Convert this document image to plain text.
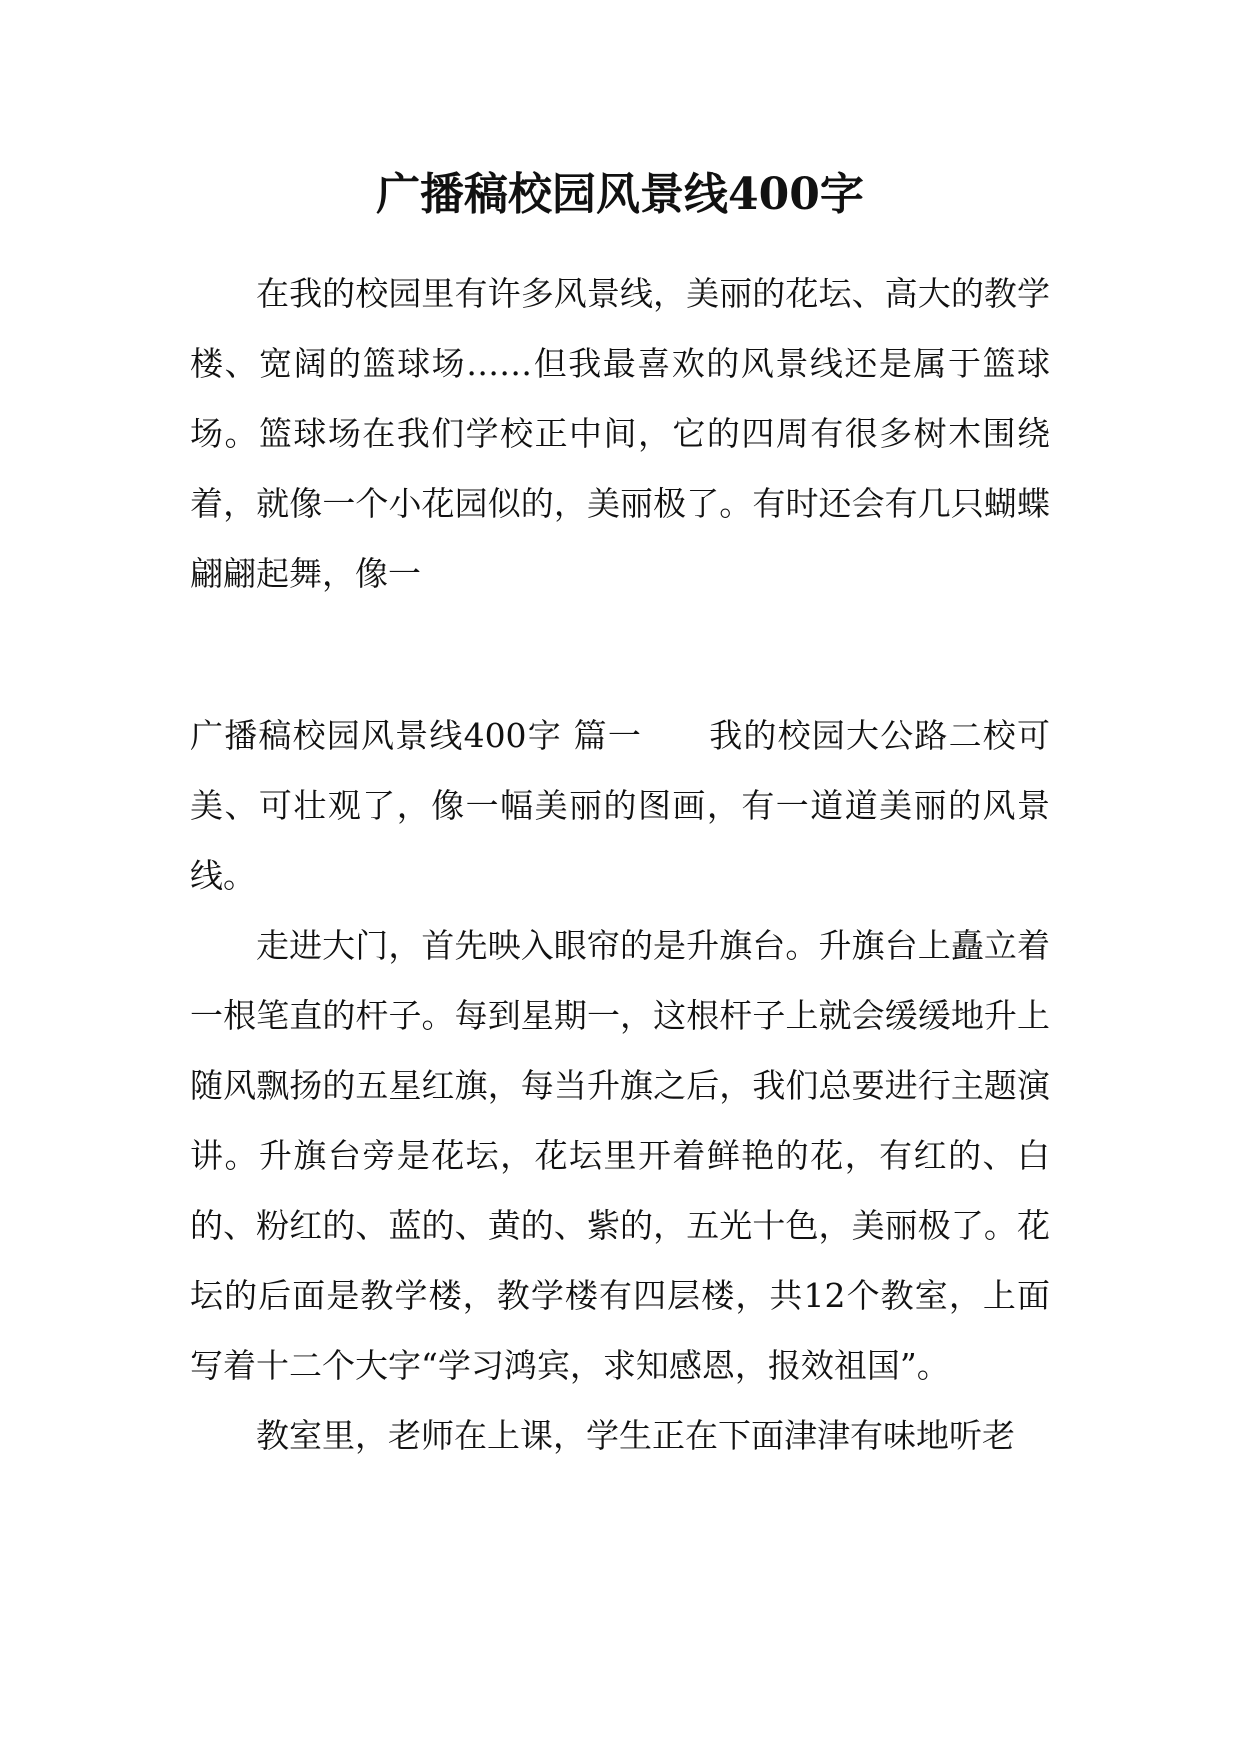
广播稿校园风景线400字

在我的校园里有许多风景线，美丽的花坛、高大的教学楼、宽阔的篮球场……但我最喜欢的风景线还是属于篮球场。篮球场在我们学校正中间，它的四周有很多树木围绕着，就像一个小花园似的，美丽极了。有时还会有几只蝴蝶翩翩起舞，像一

广播稿校园风景线400字 篇一 我的校园大公路二校可美、可壮观了，像一幅美丽的图画，有一道道美丽的风景线。

走进大门，首先映入眼帘的是升旗台。升旗台上矗立着一根笔直的杆子。每到星期一，这根杆子上就会缓缓地升上随风飘扬的五星红旗，每当升旗之后，我们总要进行主题演讲。升旗台旁是花坛，花坛里开着鲜艳的花，有红的、白的、粉红的、蓝的、黄的、紫的，五光十色，美丽极了。花坛的后面是教学楼，教学楼有四层楼，共12个教室，上面写着十二个大字“学习鸿宾，求知感恩，报效祖国”。

教室里，老师在上课，学生正在下面津津有味地听老
